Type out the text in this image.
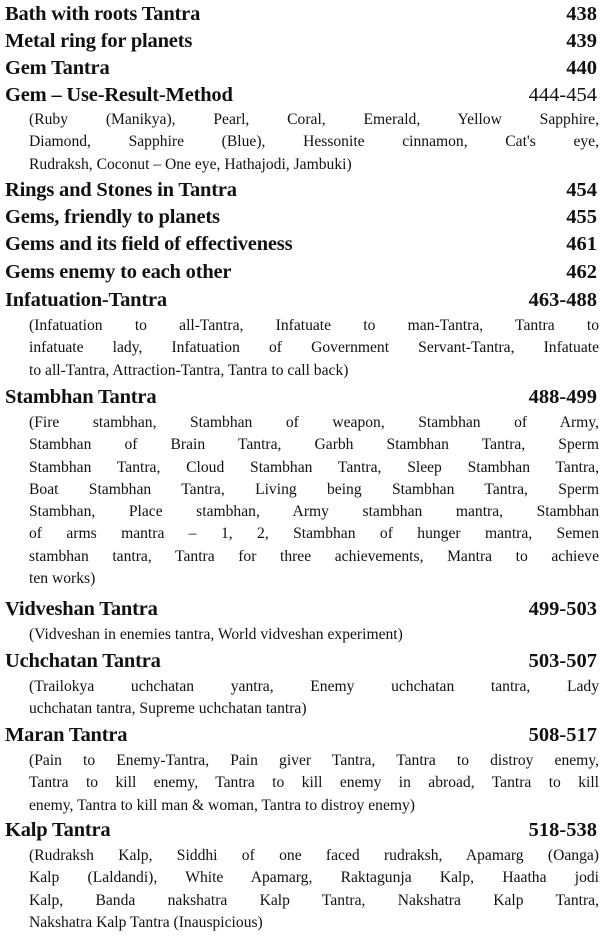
Bath with roots Tantra	438
Metal ring for planets	439
Gem Tantra	440
Gem – Use-Result-Method	444-454
(Ruby (Manikya), Pearl, Coral, Emerald, Yellow Sapphire,
Diamond, Sapphire (Blue), Hessonite cinnamon, Cat's eye,
Rudraksh, Coconut – One eye, Hathajodi, Jambuki)
Rings and Stones in Tantra	454
Gems, friendly to planets	455
Gems and its field of effectiveness	461
Gems enemy to each other	462
Infatuation-Tantra	463-488
(Infatuation to all-Tantra, Infatuate to man-Tantra, Tantra to
infatuate lady, Infatuation of Government Servant-Tantra, Infatuate
to all-Tantra, Attraction-Tantra, Tantra to call back)
Stambhan Tantra	488-499
(Fire stambhan, Stambhan of weapon, Stambhan of Army,
Stambhan of Brain Tantra, Garbh Stambhan Tantra, Sperm
Stambhan Tantra, Cloud Stambhan Tantra, Sleep Stambhan Tantra,
Boat Stambhan Tantra, Living being Stambhan Tantra, Sperm
Stambhan, Place stambhan, Army stambhan mantra, Stambhan
of arms mantra – 1, 2, Stambhan of hunger mantra, Semen
stambhan tantra, Tantra for three achievements, Mantra to achieve
ten works)
Vidveshan Tantra	499-503
(Vidveshan in enemies tantra, World vidveshan experiment)
Uchchatan Tantra	503-507
(Trailokya uchchatan yantra, Enemy uchchatan tantra, Lady
uchchatan tantra, Supreme uchchatan tantra)
Maran Tantra	508-517
(Pain to Enemy-Tantra, Pain giver Tantra, Tantra to distroy enemy,
Tantra to kill enemy, Tantra to kill enemy in abroad, Tantra to kill
enemy, Tantra to kill man & woman, Tantra to distroy enemy)
Kalp Tantra	518-538
(Rudraksh Kalp, Siddhi of one faced rudraksh, Apamarg (Oanga)
Kalp (Laldandi), White Apamarg, Raktagunja Kalp, Haatha jodi
Kalp, Banda nakshatra Kalp Tantra, Nakshatra Kalp Tantra,
Nakshatra Kalp Tantra (Inauspicious)
